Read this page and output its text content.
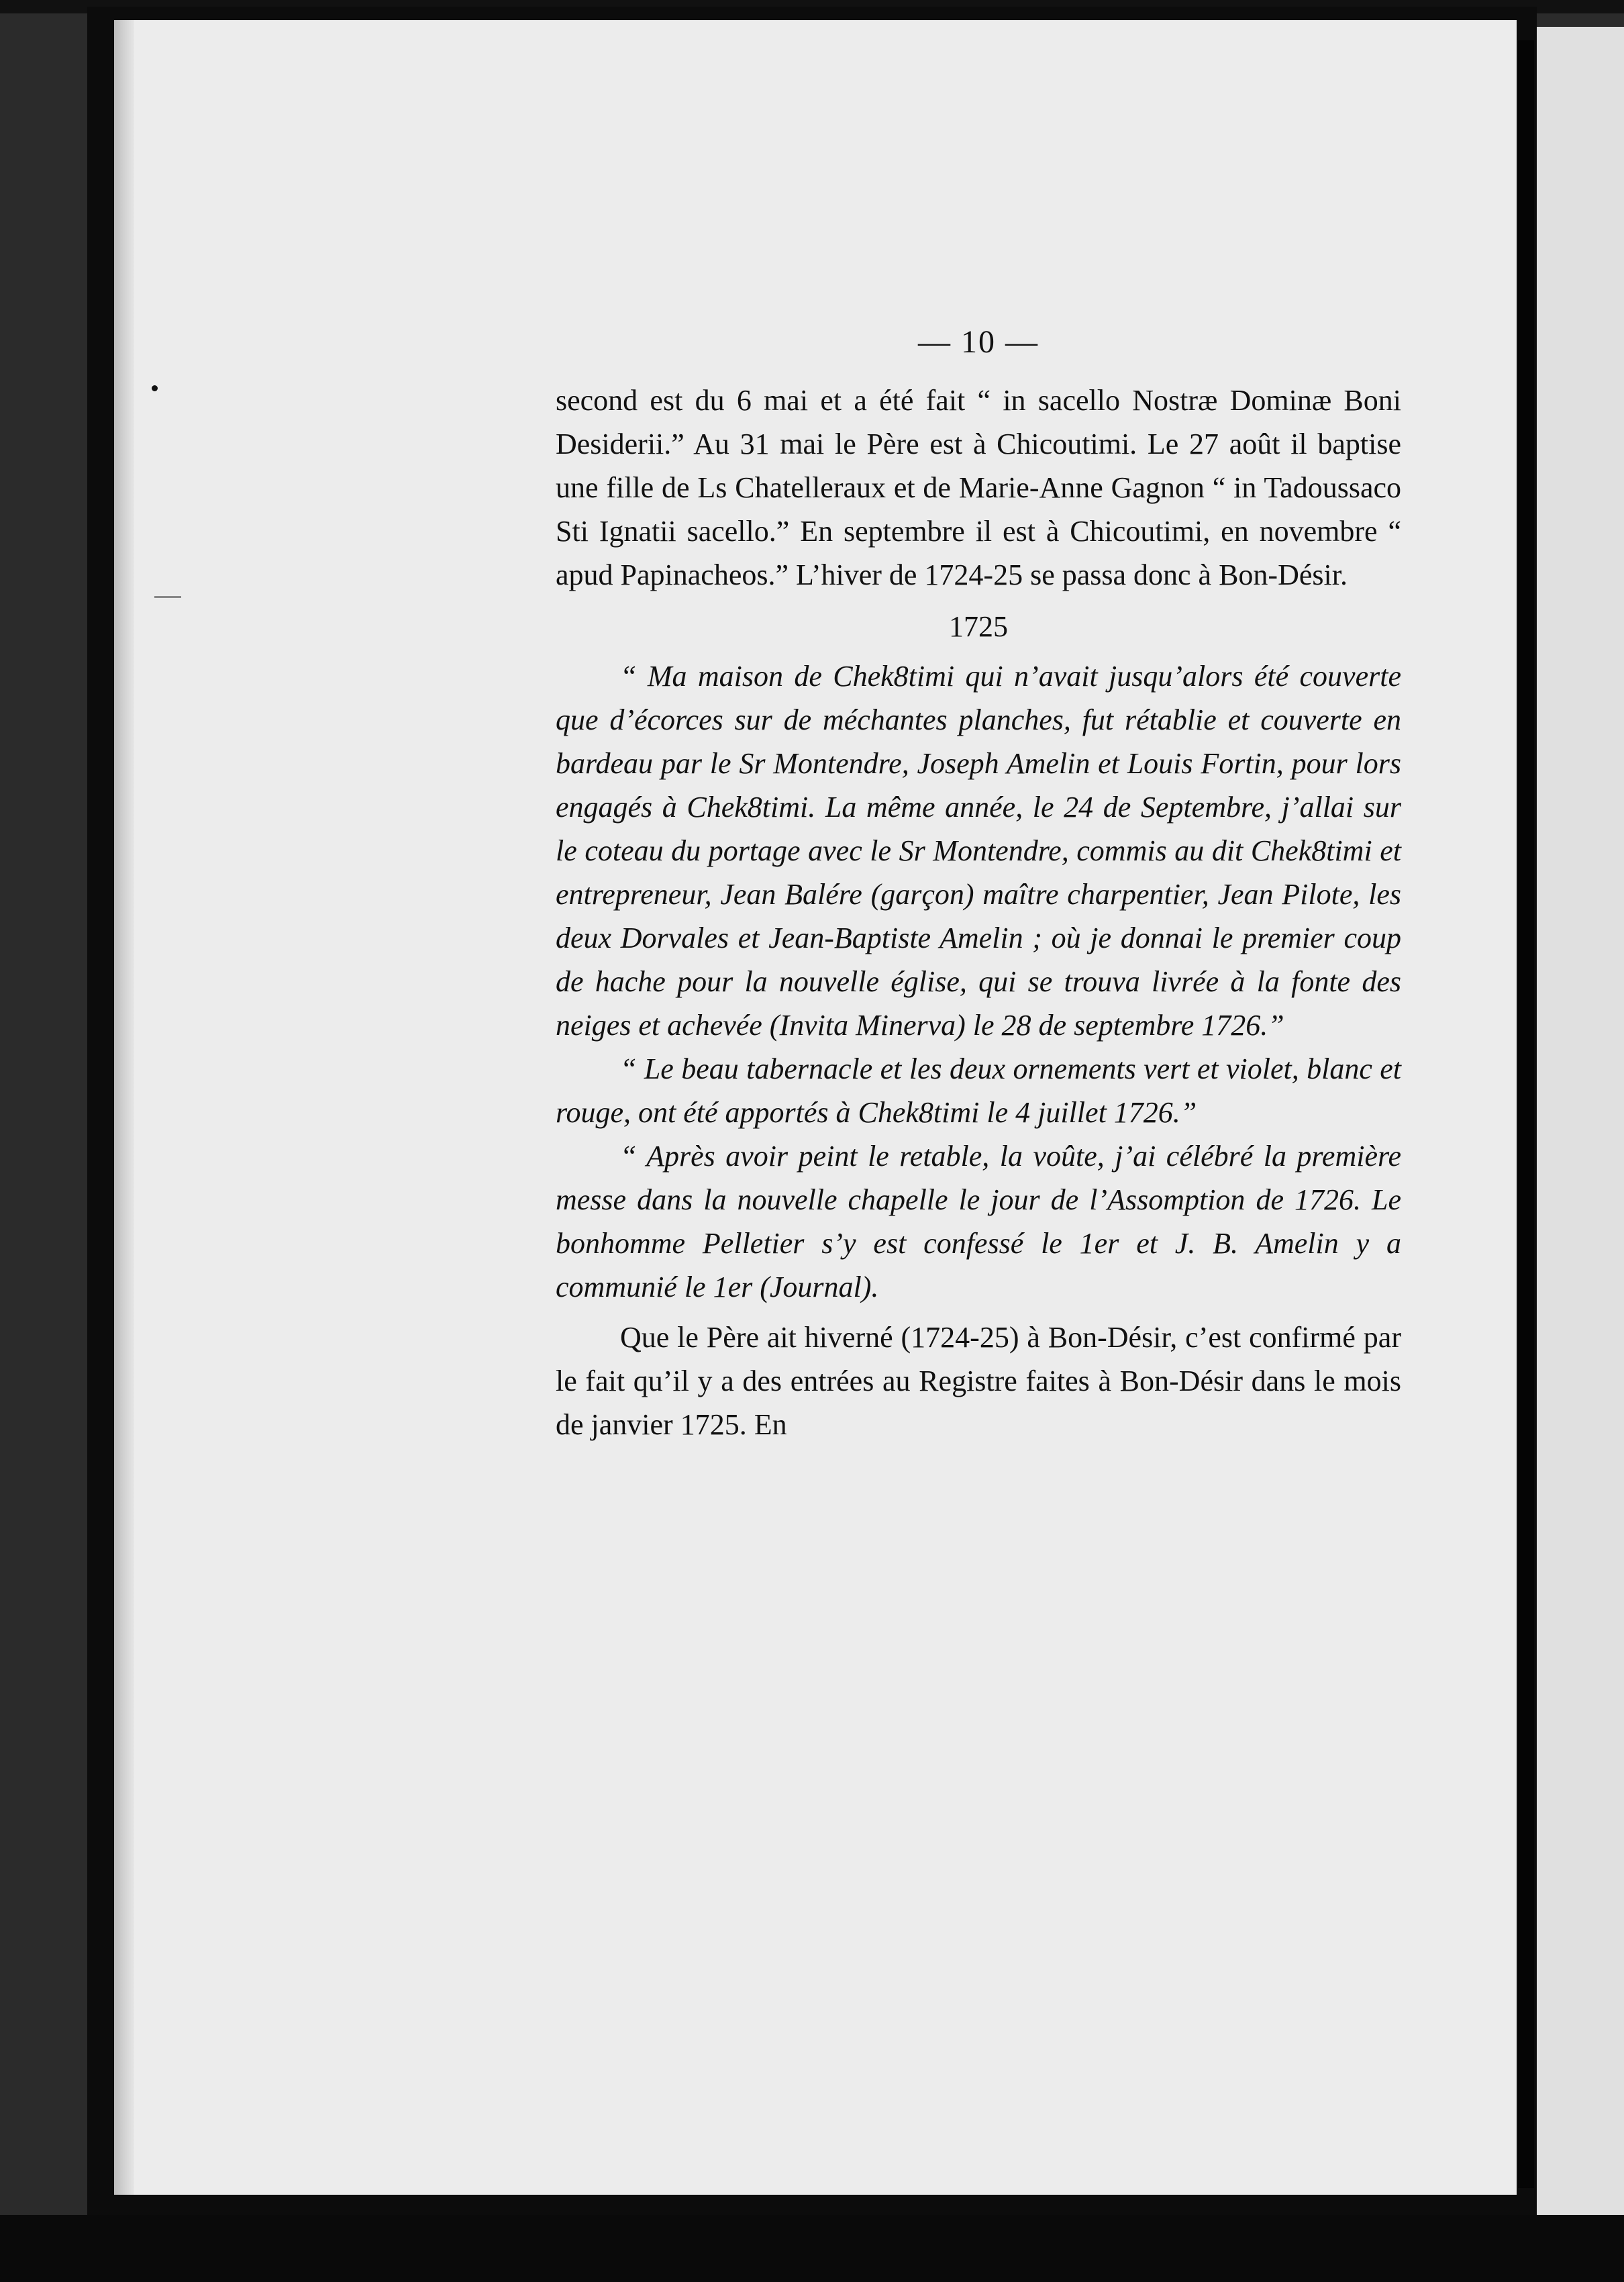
— 10 —

second est du 6 mai et a été fait “ in sacello Nostræ Dominæ Boni Desiderii.” Au 31 mai le Père est à Chicoutimi. Le 27 août il baptise une fille de Ls Chatelleraux et de Marie-Anne Gagnon “ in Tadoussaco Sti Ignatii sacello.” En septembre il est à Chicoutimi, en novembre “ apud Papinacheos.” L’hiver de 1724-25 se passa donc à Bon-Désir.

1725

“ Ma maison de Chek8timi qui n’avait jusqu’alors été couverte que d’écorces sur de méchantes planches, fut rétablie et couverte en bardeau par le Sr Montendre, Joseph Amelin et Louis Fortin, pour lors engagés à Chek8timi. La même année, le 24 de Septembre, j’allai sur le coteau du portage avec le Sr Montendre, commis au dit Chek8timi et entrepreneur, Jean Balére (garçon) maître charpentier, Jean Pilote, les deux Dorvales et Jean-Baptiste Amelin ; où je donnai le premier coup de hache pour la nouvelle église, qui se trouva livrée à la fonte des neiges et achevée (Invita Minerva) le 28 de septembre 1726.”

“ Le beau tabernacle et les deux ornements vert et violet, blanc et rouge, ont été apportés à Chek8timi le 4 juillet 1726.”

“ Après avoir peint le retable, la voûte, j’ai célébré la première messe dans la nouvelle chapelle le jour de l’Assomption de 1726. Le bonhomme Pelletier s’y est confessé le 1er et J. B. Amelin y a communié le 1er (Journal).

Que le Père ait hiverné (1724-25) à Bon-Désir, c’est confirmé par le fait qu’il y a des entrées au Registre faites à Bon-Désir dans le mois de janvier 1725. En
